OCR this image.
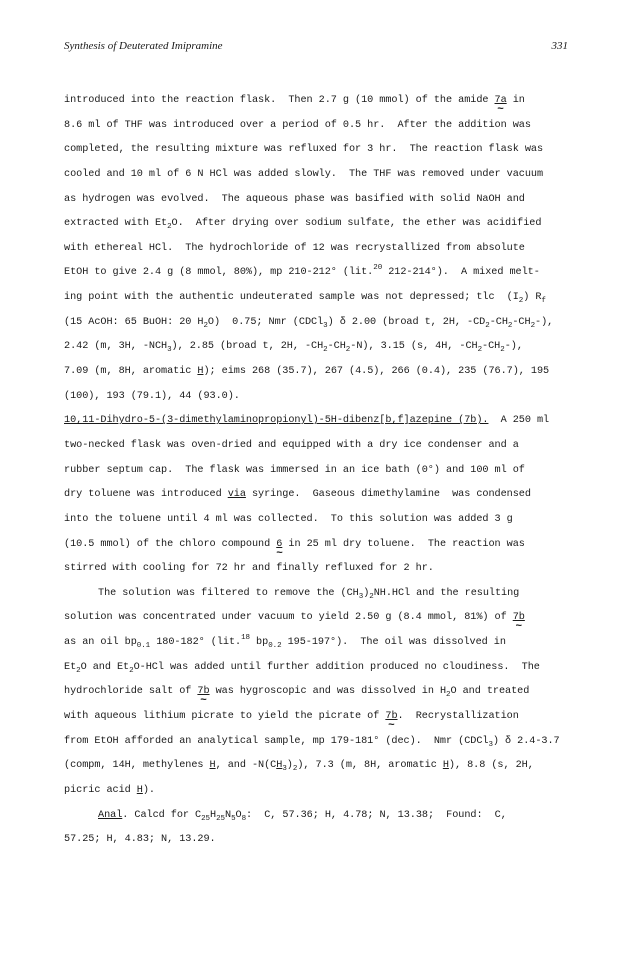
Synthesis of Deuterated Imipramine	331
introduced into the reaction flask.  Then 2.7 g (10 mmol) of the amide 7a ~ in
8.6 ml of THF was introduced over a period of 0.5 hr.  After the addition was
completed, the resulting mixture was refluxed for 3 hr.  The reaction flask was
cooled and 10 ml of 6 N HCl was added slowly.  The THF was removed under vacuum
as hydrogen was evolved.  The aqueous phase was basified with solid NaOH and
extracted with $Et_2O$.  After drying over sodium sulfate, the ether was acidified
with ethereal HCl.  The hydrochloride of 12 was recrystallized from absolute
EtOH to give 2.4 g (8 mmol, 80%), mp 210-212° (lit.$^{20}$ 212-214°).  A mixed melt-
ing point with the authentic undeuterated sample was not depressed; tlc  $(I_2)$ $R_f$
(15 AcOH: 65 BuOH: 20 $H_2O$)  0.75; Nmr (CDCl$_3$) δ 2.00 (broad t, 2H, $-CD_2-CH_2-CH_2-$),
2.42 (m, 3H, $-NCH_3$), 2.85 (broad t, 2H, $-CH_2-CH_2-N$), 3.15 (s, 4H, $-CH_2-CH_2-$),
7.09 (m, 8H, aromatic H); eims 268 (35.7), 267 (4.5), 266 (0.4), 235 (76.7), 195
(100), 193 (79.1), 44 (93.0).
10,11-Dihydro-5-(3-dimethylaminopropionyl)-5H-dibenz[b,f]azepine (7b).  A 250 ml
two-necked flask was oven-dried and equipped with a dry ice condenser and a
rubber septum cap.  The flask was immersed in an ice bath (0°) and 100 ml of
dry toluene was introduced via syringe.  Gaseous dimethylamine  was condensed
into the toluene until 4 ml was collected.  To this solution was added 3 g
(10.5 mmol) of the chloro compound 6 ~ in 25 ml dry toluene.  The reaction was
stirred with cooling for 72 hr and finally refluxed for 2 hr.
The solution was filtered to remove the $(CH_3)_2NH.HCl$ and the resulting
solution was concentrated under vacuum to yield 2.50 g (8.4 mmol, 81%) of 7b ~
as an oil $bp_{0.1}$ 180-182° (lit.$^{18}$ $bp_{0.2}$ 195-197°).  The oil was dissolved in
$Et_2O$ and $Et_2O$-HCl was added until further addition produced no cloudiness.  The
hydrochloride salt of 7b ~ was hygroscopic and was dissolved in $H_2O$ and treated
with aqueous lithium picrate to yield the picrate of 7b ~.  Recrystallization
from EtOH afforded an analytical sample, mp 179-181° (dec).  Nmr (CDCl$_3$) δ 2.4-3.7
(compm, 14H, methylenes H, and $-N(CH_3)_2$), 7.3 (m, 8H, aromatic H), 8.8 (s, 2H,
picric acid H).
Anal. Calcd for $C_{25}H_{25}N_5O_8$:  C, 57.36; H, 4.78; N, 13.38;  Found:  C,
57.25; H, 4.83; N, 13.29.
